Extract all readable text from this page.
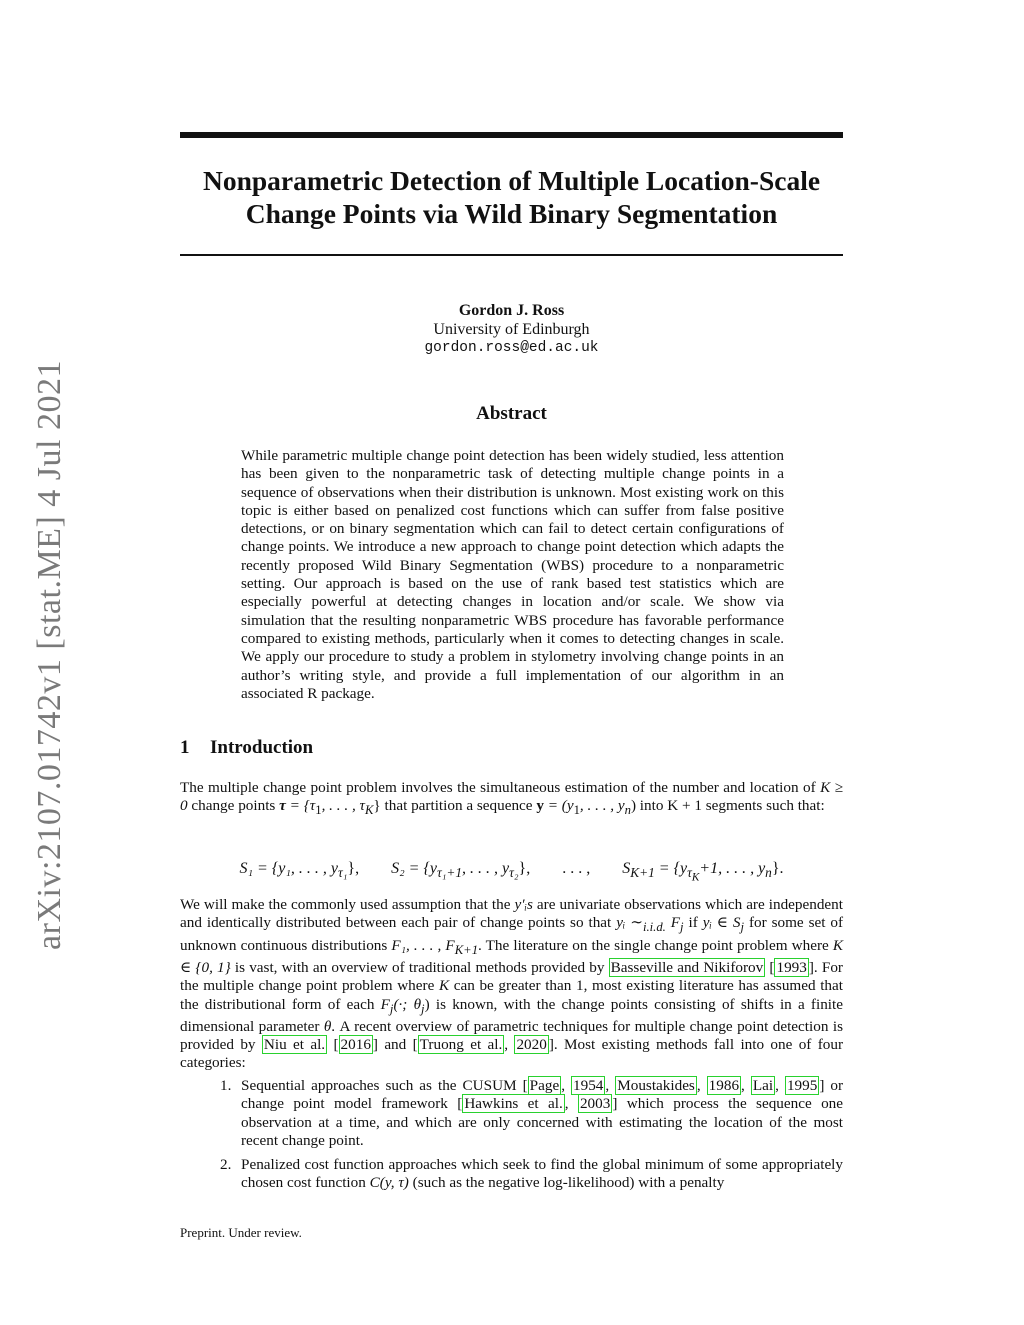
arXiv:2107.01742v1 [stat.ME] 4 Jul 2021
Nonparametric Detection of Multiple Location-Scale
Change Points via Wild Binary Segmentation
Gordon J. Ross
University of Edinburgh
gordon.ross@ed.ac.uk
Abstract

While parametric multiple change point detection has been widely studied, less attention has been given to the nonparametric task of detecting multiple change points in a sequence of observations when their distribution is unknown. Most existing work on this topic is either based on penalized cost functions which can suffer from false positive detections, or on binary segmentation which can fail to detect certain configurations of change points. We introduce a new approach to change point detection which adapts the recently proposed Wild Binary Segmentation (WBS) procedure to a nonparametric setting. Our approach is based on the use of rank based test statistics which are especially powerful at detecting changes in location and/or scale. We show via simulation that the resulting nonparametric WBS procedure has favorable performance compared to existing methods, particularly when it comes to detecting changes in scale. We apply our procedure to study a problem in stylometry involving change points in an author’s writing style, and provide a full implementation of our algorithm in an associated R package.

1 Introduction

The multiple change point problem involves the simultaneous estimation of the number and location of K ≥ 0 change points $\tau = \{\tau_1$, . . . , $\tau_K$} that partition a sequence $y = (y_1$, . . . , $y_n$) into K + 1 segments such that:

S₁ = {y₁, . . . , $y_{\tau_1}$}, $S_2 = \{y_{\tau_1+1}$, . . . , $y_{\tau_2}$}, . . . , $S_{K+1} = \{y_{\tau_K}+1$, . . . , $y_n$}.

We will make the commonly used assumption that the y′ᵢs are univariate observations which are independent and identically distributed between each pair of change points so that yᵢ $\sim_{i.i.d.}$ $F_j$ if yᵢ ∈ $S_j$ for some set of unknown continuous distributions F₁, . . . , $F_{K+1}$. The literature on the single change point problem where K ∈ {0, 1} is vast, with an overview of traditional methods provided by Basseville and Nikiforov [ 1993 ]. For the multiple change point problem where K can be greater than 1, most existing literature has assumed that the distributional form of each $F_j(\cdot$; $\theta_j$) is known, with the change points consisting of shifts in a finite dimensional parameter θ. A recent overview of parametric techniques for multiple change point detection is provided by Niu et al. [ 2016 ] and [ Truong et al. , 2020 ]. Most existing methods fall into one of four categories:

1. Sequential approaches such as the CUSUM [ Page , 1954 , Moustakides , 1986 , Lai , 1995 ] or change point model framework [ Hawkins et al. , 2003 ] which process the sequence one observation at a time, and which are only concerned with estimating the location of the most recent change point.
2. Penalized cost function approaches which seek to find the global minimum of some appropriately chosen cost function C(y, τ) (such as the negative log-likelihood) with a penalty
Preprint. Under review.
